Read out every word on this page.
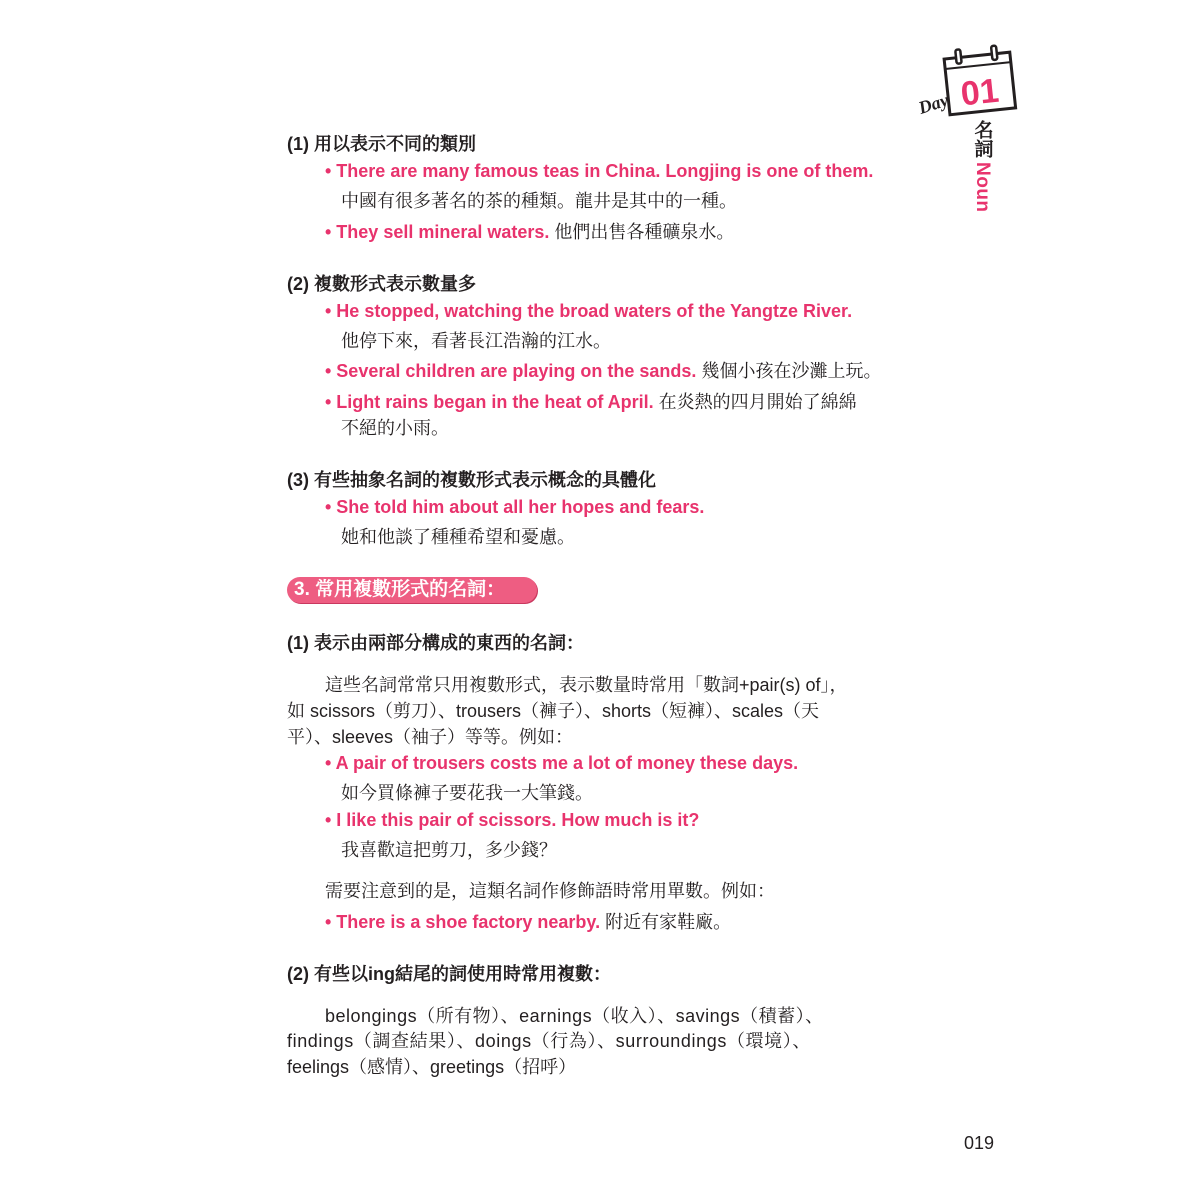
01
Day
名詞
Noun
(1) 用以表示不同的類別
• There are many famous teas in China. Longjing is one of them.
中國有很多著名的茶的種類。龍井是其中的一種。
• They sell mineral waters. 他們出售各種礦泉水。
(2) 複數形式表示數量多
• He stopped, watching the broad waters of the Yangtze River.
他停下來，看著長江浩瀚的江水。
• Several children are playing on the sands. 幾個小孩在沙灘上玩。
• Light rains began in the heat of April. 在炎熱的四月開始了綿綿
不絕的小雨。
(3) 有些抽象名詞的複數形式表示概念的具體化
• She told him about all her hopes and fears.
她和他談了種種希望和憂慮。
3. 常用複數形式的名詞：
(1) 表示由兩部分構成的東西的名詞：
這些名詞常常只用複數形式，表示數量時常用「數詞+pair(s) of」，
如 scissors（剪刀）、trousers（褲子）、shorts（短褲）、scales（天
平）、sleeves（袖子）等等。例如：
• A pair of trousers costs me a lot of money these days.
如今買條褲子要花我一大筆錢。
• I like this pair of scissors. How much is it?
我喜歡這把剪刀，多少錢？
需要注意到的是，這類名詞作修飾語時常用單數。例如：
• There is a shoe factory nearby. 附近有家鞋廠。
(2) 有些以ing結尾的詞使用時常用複數：
belongings（所有物）、earnings（收入）、savings（積蓄）、
findings（調查結果）、doings（行為）、surroundings（環境）、
feelings（感情）、greetings（招呼）
019
